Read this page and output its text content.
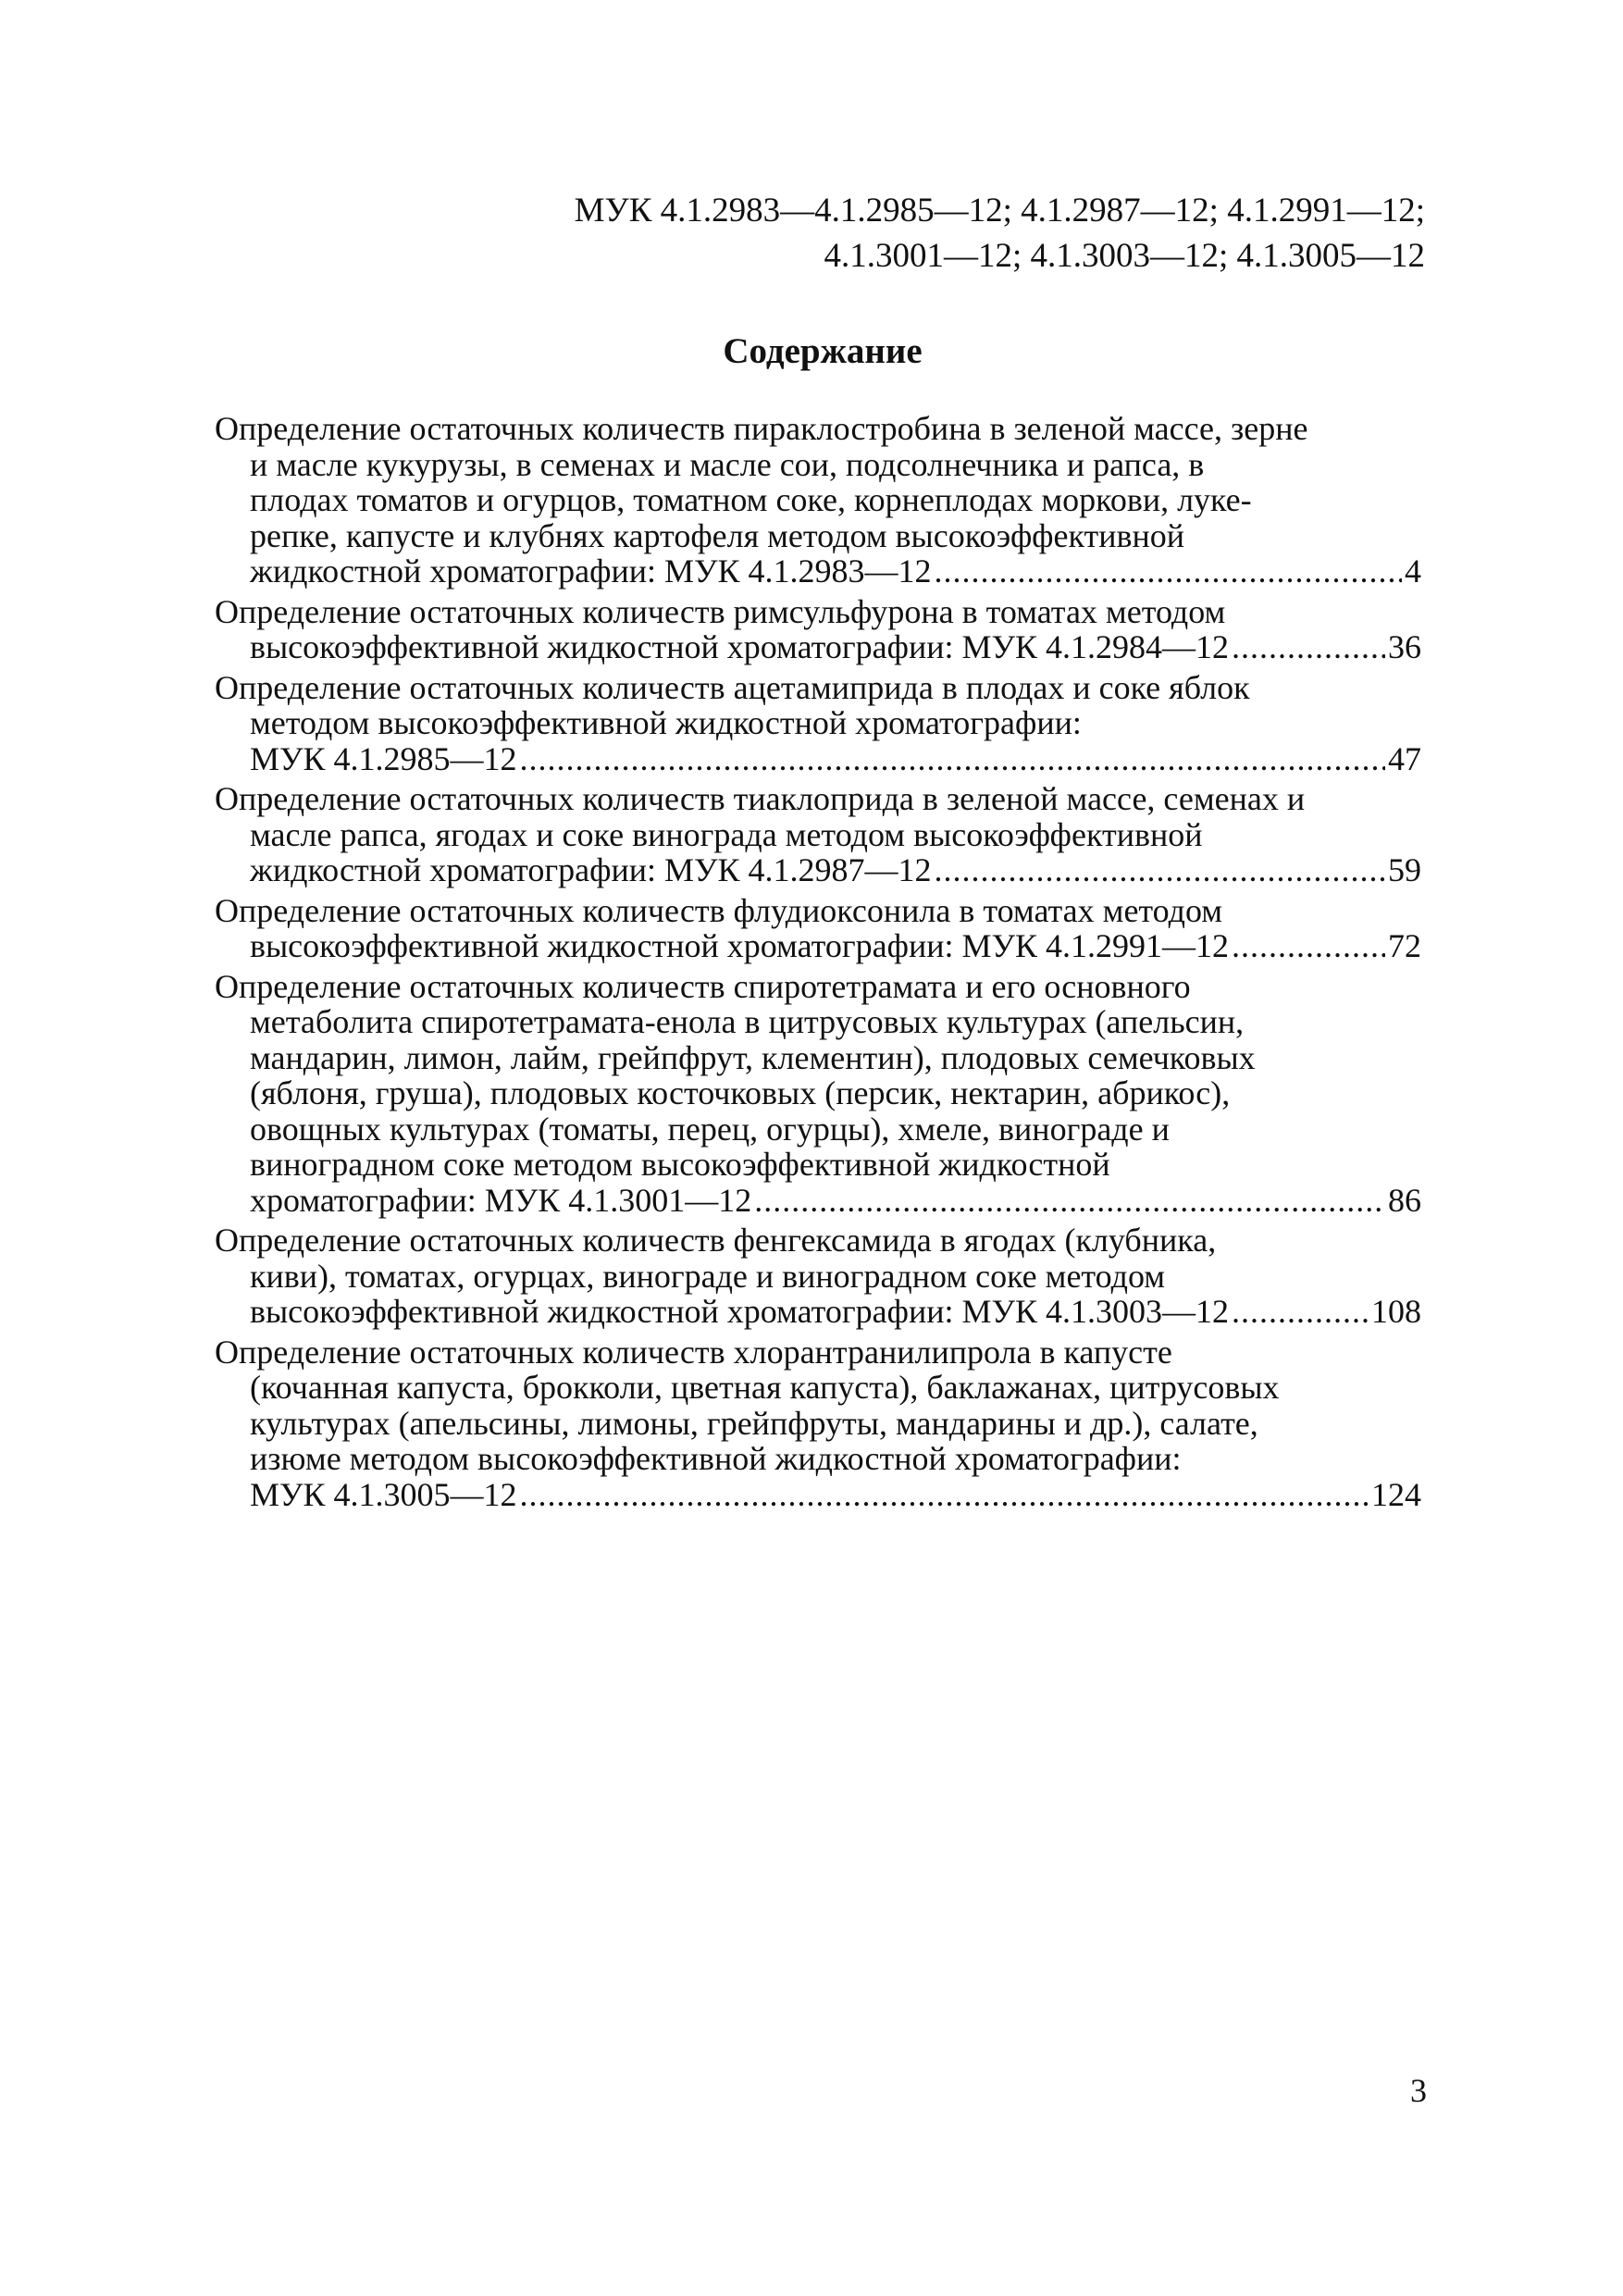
МУК 4.1.2983—4.1.2985—12; 4.1.2987—12; 4.1.2991—12;
4.1.3001—12; 4.1.3003—12; 4.1.3005—12
Содержание
Определение остаточных количеств пираклостробина в зеленой массе, зерне
и масле кукурузы, в семенах и масле сои, подсолнечника и рапса, в
плодах томатов и огурцов, томатном соке, корнеплодах моркови, луке-
репке, капусте и клубнях картофеля методом высокоэффективной
жидкостной хроматографии: МУК 4.1.2983—12 .....	4
Определение остаточных количеств римсульфурона в томатах методом
высокоэффективной жидкостной хроматографии: МУК 4.1.2984—12 .....	36
Определение остаточных количеств ацетамиприда в плодах и соке яблок
методом высокоэффективной жидкостной хроматографии:
МУК 4.1.2985—12 .....	47
Определение остаточных количеств тиаклоприда в зеленой массе, семенах и
масле рапса, ягодах и соке винограда методом высокоэффективной
жидкостной хроматографии: МУК 4.1.2987—12 .....	59
Определение остаточных количеств флудиоксонила в томатах методом
высокоэффективной жидкостной хроматографии: МУК 4.1.2991—12 .....	72
Определение остаточных количеств спиротетрамата и его основного
метаболита спиротетрамата-енола в цитрусовых культурах (апельсин,
мандарин, лимон, лайм, грейпфрут, клементин), плодовых семечковых
(яблоня, груша), плодовых косточковых (персик, нектарин, абрикос),
овощных культурах (томаты, перец, огурцы), хмеле, винограде и
виноградном соке методом высокоэффективной жидкостной
хроматографии: МУК 4.1.3001—12 .....	86
Определение остаточных количеств фенгексамида в ягодах (клубника,
киви), томатах, огурцах, винограде и виноградном соке методом
высокоэффективной жидкостной хроматографии: МУК 4.1.3003—12 .....	108
Определение остаточных количеств хлорантранилипрола в капусте
(кочанная капуста, брокколи, цветная капуста), баклажанах, цитрусовых
культурах (апельсины, лимоны, грейпфруты, мандарины и др.), салате,
изюме методом высокоэффективной жидкостной хроматографии:
МУК 4.1.3005—12 .....	124
3
